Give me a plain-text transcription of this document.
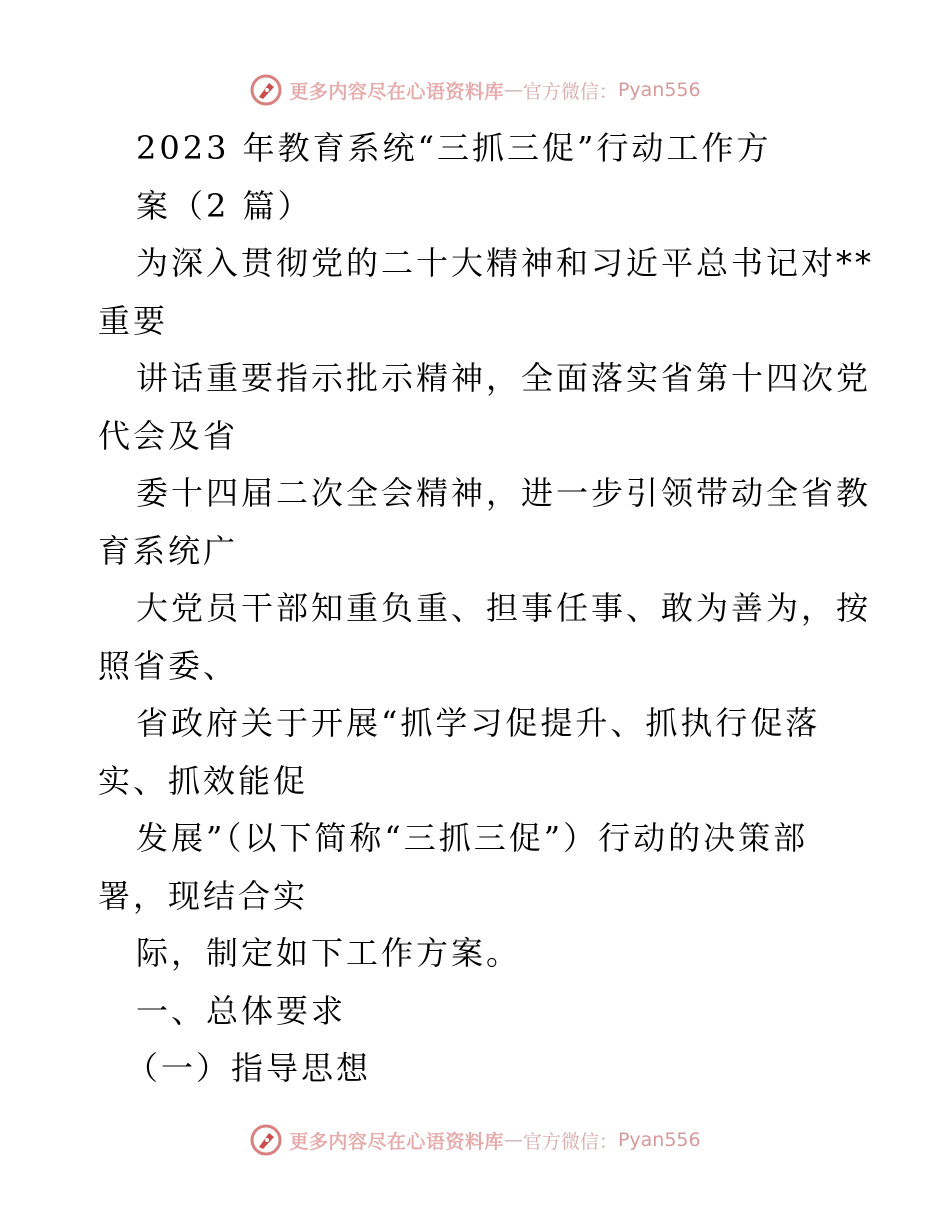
更多内容尽在心语资料库 — 官方微信： Pyan556
2023 年教育系统“三抓三促”行动工作方
案（2 篇）
为深入贯彻党的二十大精神和习近平总书记对**
重要
讲话重要指示批示精神，全面落实省第十四次党
代会及省
委十四届二次全会精神，进一步引领带动全省教
育系统广
大党员干部知重负重、担事任事、敢为善为，按
照省委、
省政府关于开展“抓学习促提升、抓执行促落
实、抓效能促
发展”（以下简称“三抓三促”）行动的决策部
署，现结合实
际，制定如下工作方案。
一、总体要求
（一）指导思想
更多内容尽在心语资料库 — 官方微信： Pyan556
